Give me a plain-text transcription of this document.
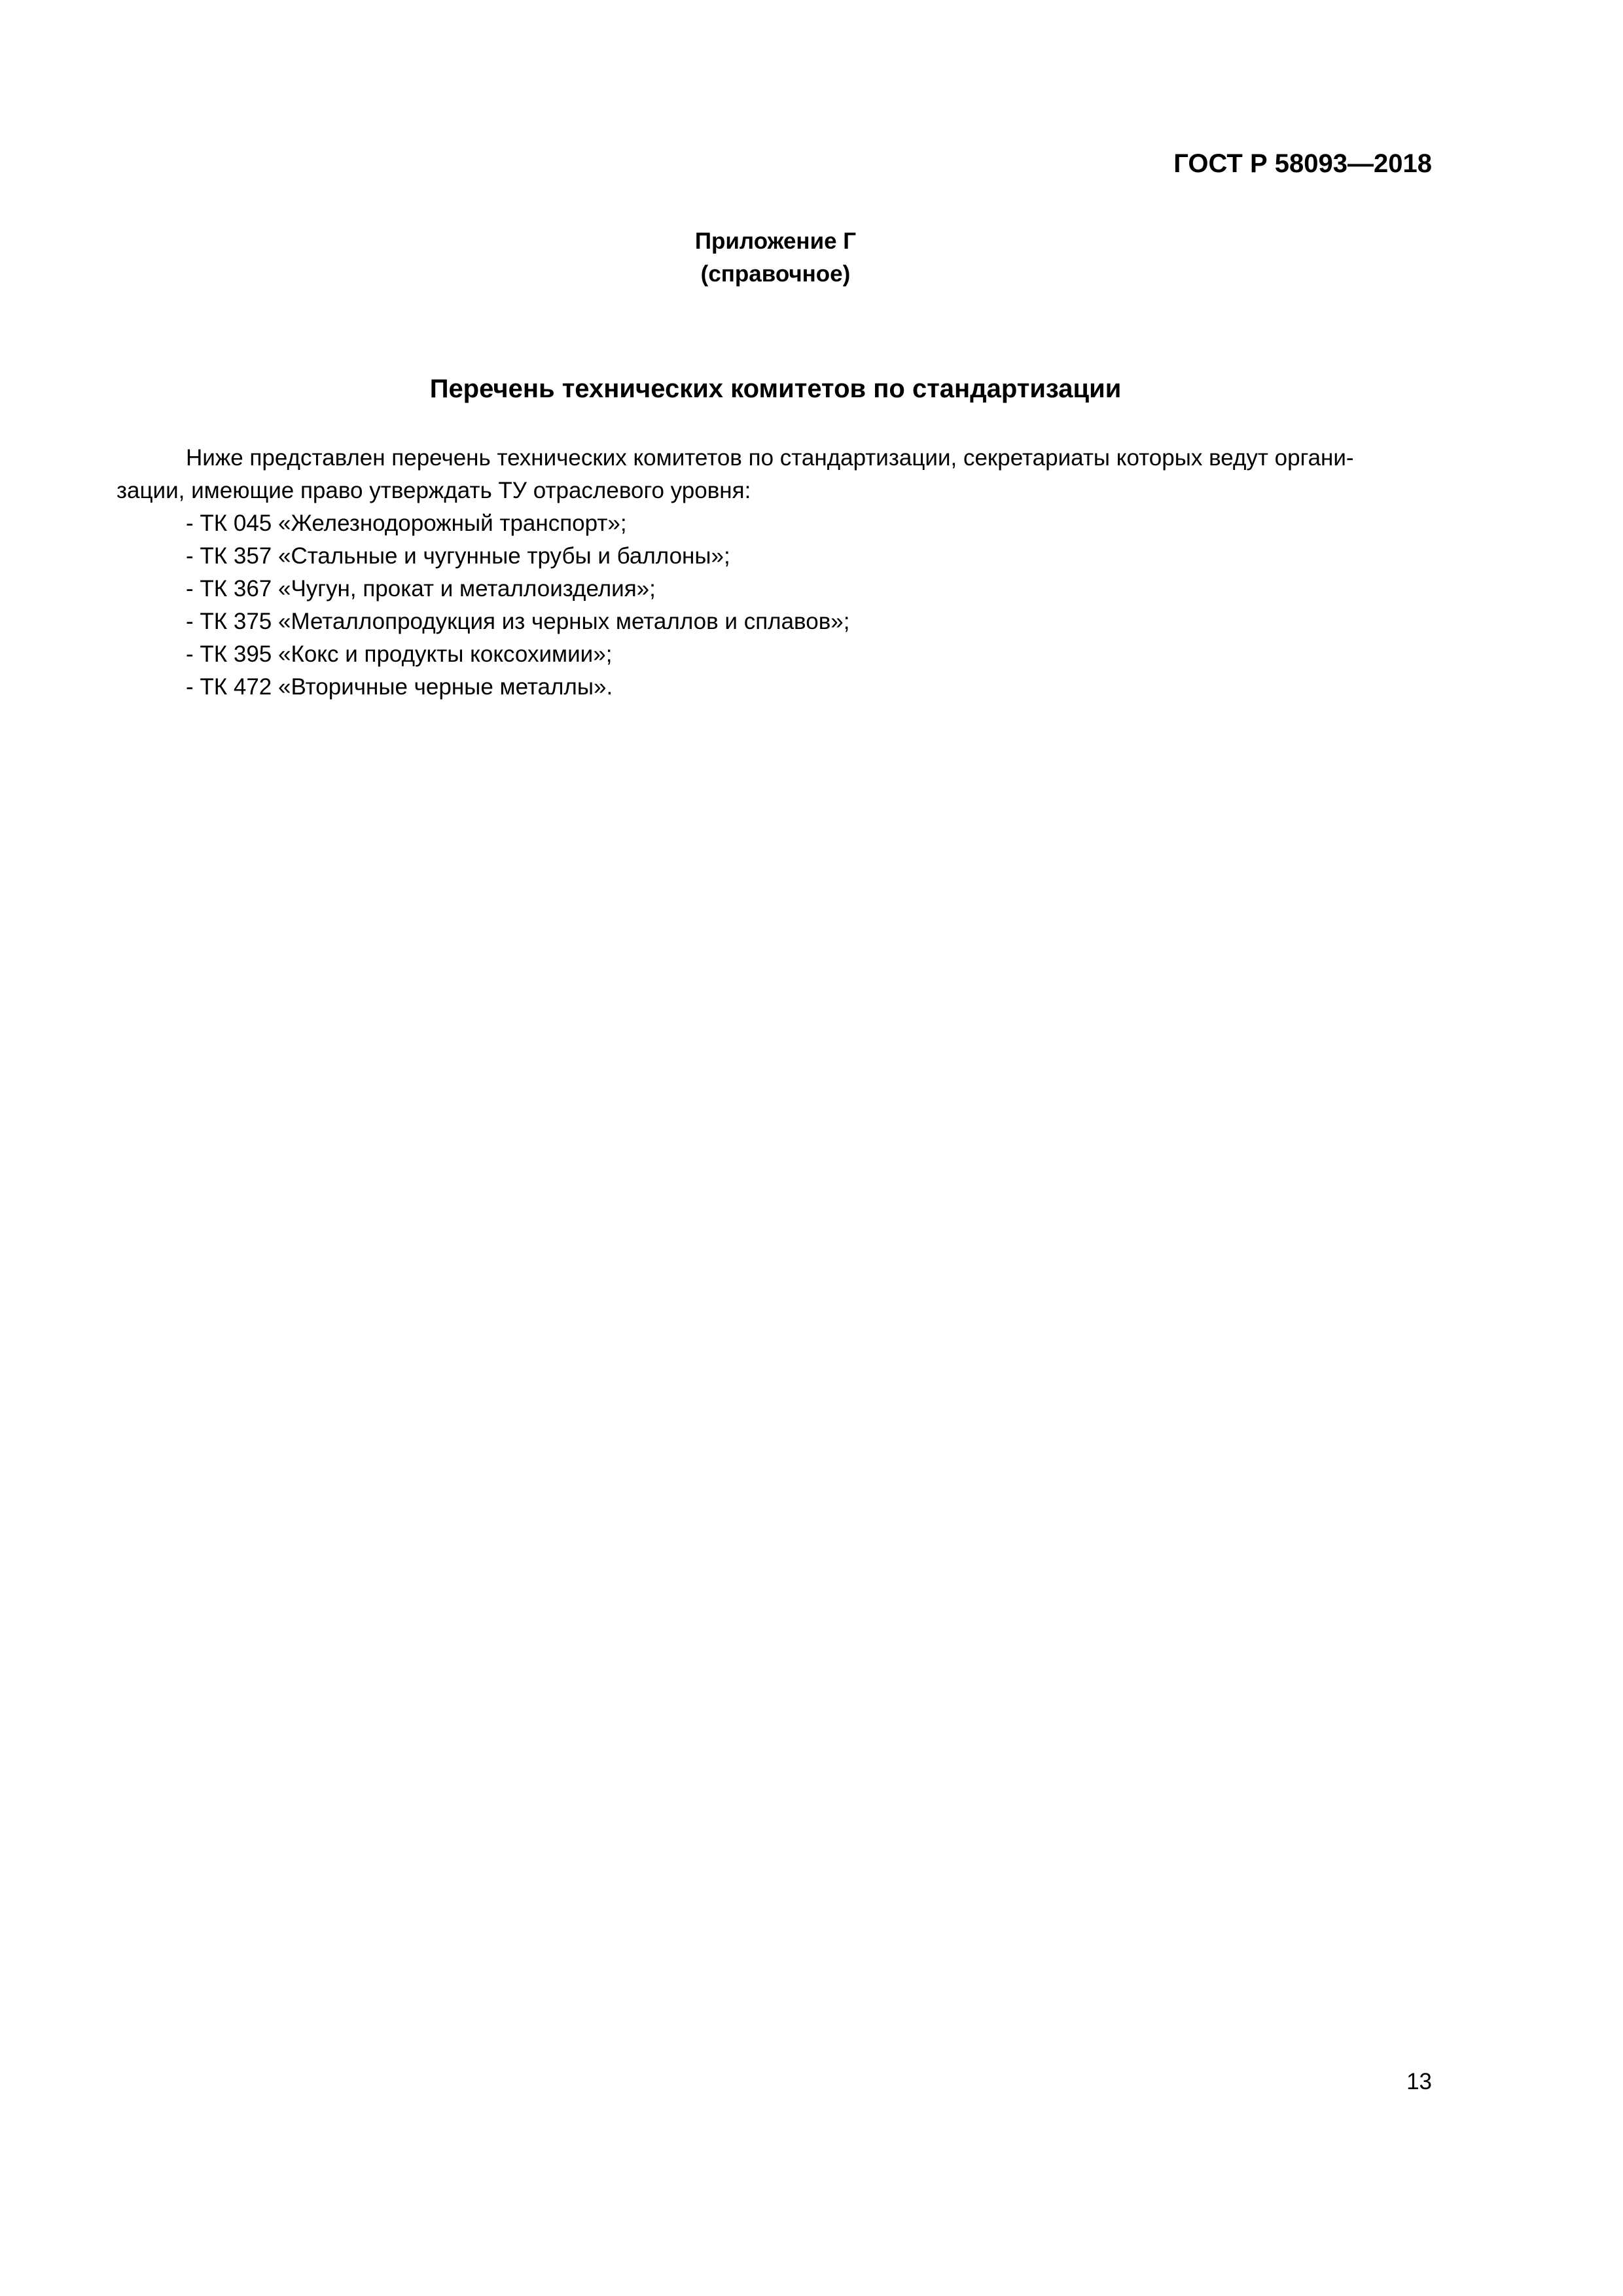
ГОСТ Р 58093—2018
Приложение Г
(справочное)
Перечень технических комитетов по стандартизации
Ниже представлен перечень технических комитетов по стандартизации, секретариаты которых ведут органи-
зации, имеющие право утверждать ТУ отраслевого уровня:
- ТК 045 «Железнодорожный транспорт»;
- ТК 357 «Стальные и чугунные трубы и баллоны»;
- ТК 367 «Чугун, прокат и металлоизделия»;
- ТК 375 «Металлопродукция из черных металлов и сплавов»;
- ТК 395 «Кокс и продукты коксохимии»;
- ТК 472 «Вторичные черные металлы».
13
